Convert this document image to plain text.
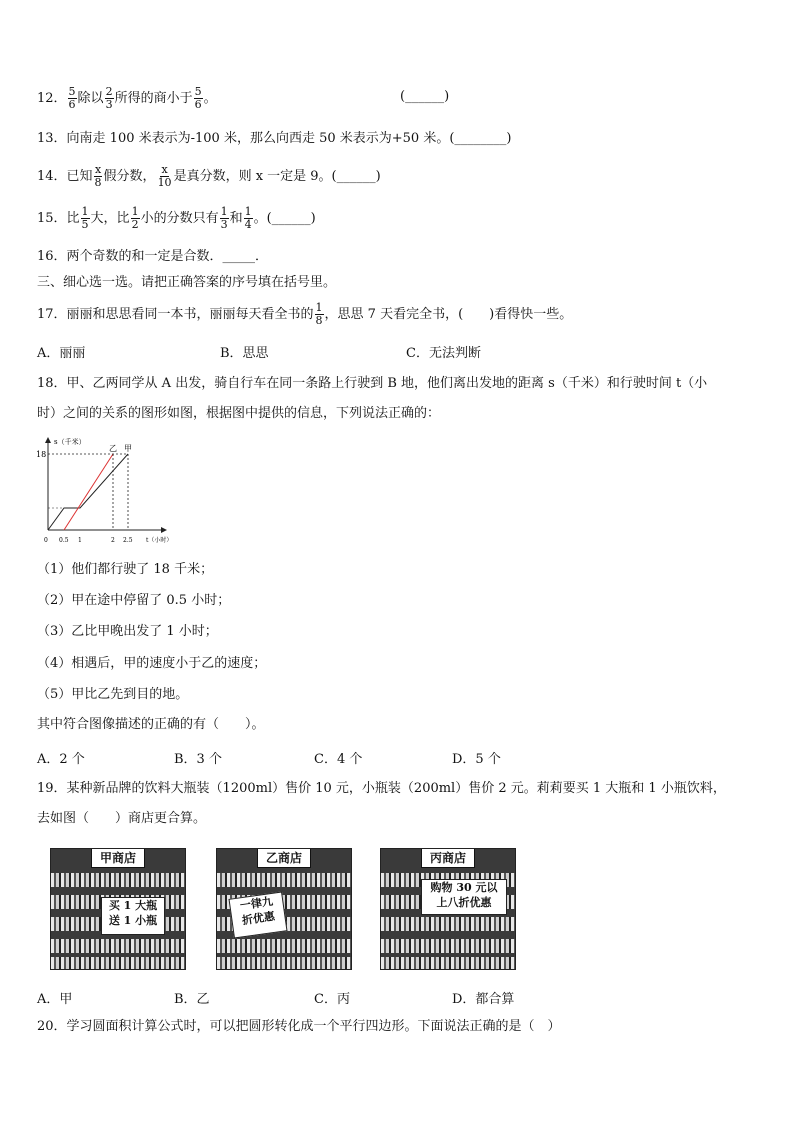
12． $\frac{5}{6}$ 除以 $\frac{2}{3}$ 所得的商小于 $\frac{5}{6}$ 。	(______)
13．向南走 100 米表示为-100 米，那么向西走 50 米表示为+50 米。(________)
14．已知 $\frac{x}{8}$ 假分数， $\frac{x}{10}$ 是真分数，则 x 一定是 9。(______)
15．比 $\frac{1}{5}$ 大，比 $\frac{1}{2}$ 小的分数只有 $\frac{1}{3}$ 和 $\frac{1}{4}$ 。(______)
16．两个奇数的和一定是合数．_____．
三、细心选一选。请把正确答案的序号填在括号里。
17．丽丽和思思看同一本书，丽丽每天看全书的 $\frac{1}{8}$ ，思思 7 天看完全书，(　　)看得快一些。
A．丽丽	B．思思	C．无法判断
18．甲、乙两同学从 A 出发，骑自行车在同一条路上行驶到 B 地，他们离出发地的距离 s（千米）和行驶时间 t（小
时）之间的关系的图形如图，根据图中提供的信息，下列说法正确的：
s（千米）
18
乙 甲
0 0.5 1	2 2.5 t（小时）
（1）他们都行驶了 18 千米；
（2）甲在途中停留了 0.5 小时；
（3）乙比甲晚出发了 1 小时；
（4）相遇后，甲的速度小于乙的速度；
（5）甲比乙先到目的地。
其中符合图像描述的正确的有（　　）。
A．2 个	B．3 个	C．4 个	D．5 个
19．某种新品牌的饮料大瓶装（1200ml）售价 10 元，小瓶装（200ml）售价 2 元。莉莉要买 1 大瓶和 1 小瓶饮料，
去如图（　　）商店更合算。
甲商店
买 1 大瓶
送 1 小瓶
乙商店
一律九
折优惠
丙商店
购物 30 元以
上八折优惠
A．甲	B．乙	C．丙	D．都合算
20．学习圆面积计算公式时，可以把圆形转化成一个平行四边形。下面说法正确的是（　）
